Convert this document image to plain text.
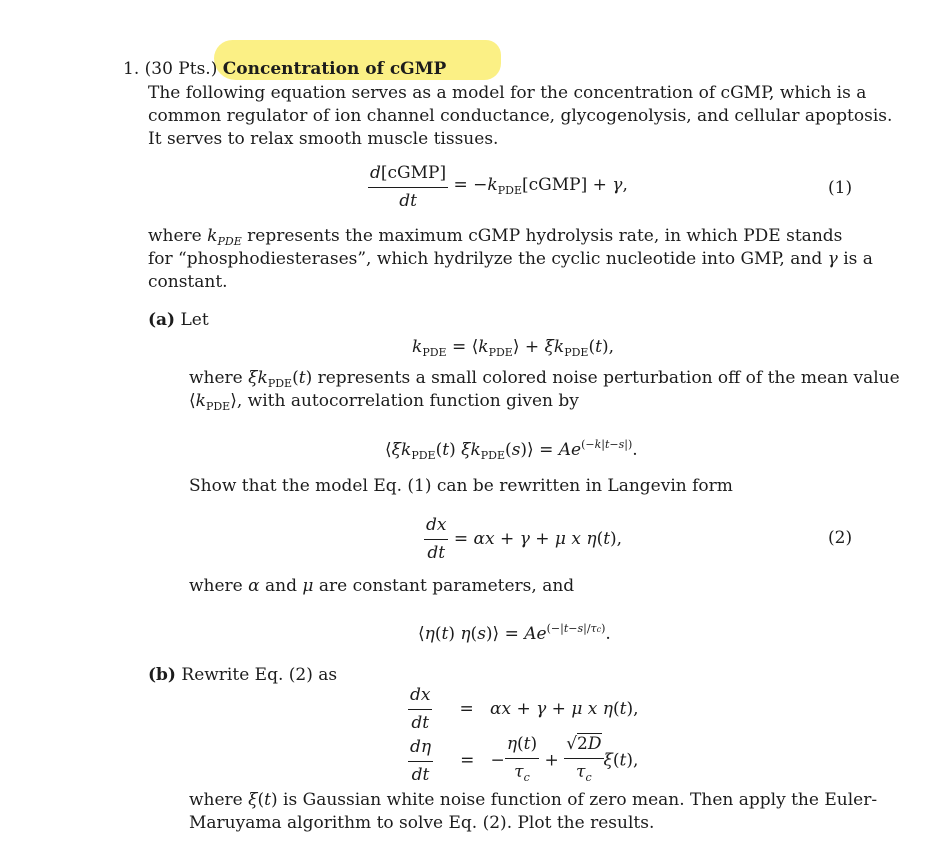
1. (30 Pts.) Concentration of cGMP
The following equation serves as a model for the concentration of cGMP, which is a
common regulator of ion channel conductance, glycogenolysis, and cellular apoptosis.
It serves to relax smooth muscle tissues.
$\frac{\text{d[cGMP]}}{dt}$ = $-k_{PDE}[cGMP] + \gamma$,	(1)
where $k_{PDE}$ represents the maximum cGMP hydrolysis rate, in which PDE stands
for “phosphodiesterases”, which hydrilyze the cyclic nucleotide into GMP, and γ is a
constant.
(a) Let
$k_{PDE}$ = $⟨k_{PDE}⟩ + \xi k_{PDE}(t)$,
where $\xi k_{PDE}(t)$ represents a small colored noise perturbation off of the mean value
$⟨k_{PDE}⟩$, with autocorrelation function given by
$⟨\xi k_{PDE}(t)$ $\xi k_{PDE}(s)⟩ = Ae^{(-k|t-s|)}$.
Show that the model Eq. (1) can be rewritten in Langevin form
$\frac{dx}{dt} = \alpha x + \gamma + \mu$ x η(t),	(2)
where α and μ are constant parameters, and
⟨η(t) η(s)⟩ = $Ae^{(-|t-s|/\tau c)}$.
(b) Rewrite Eq. (2) as
$\frac{dx}{dt} = \alpha x + \gamma + \mu$ x η(t),
$\frac{d\eta}{dt}$ =   − $\frac{\eta(t)}{\tau_c} + \frac{√2D}{\tau_c} \xi(t)$,
where ξ(t) is Gaussian white noise function of zero mean. Then apply the Euler-
Maruyama algorithm to solve Eq. (2). Plot the results.
